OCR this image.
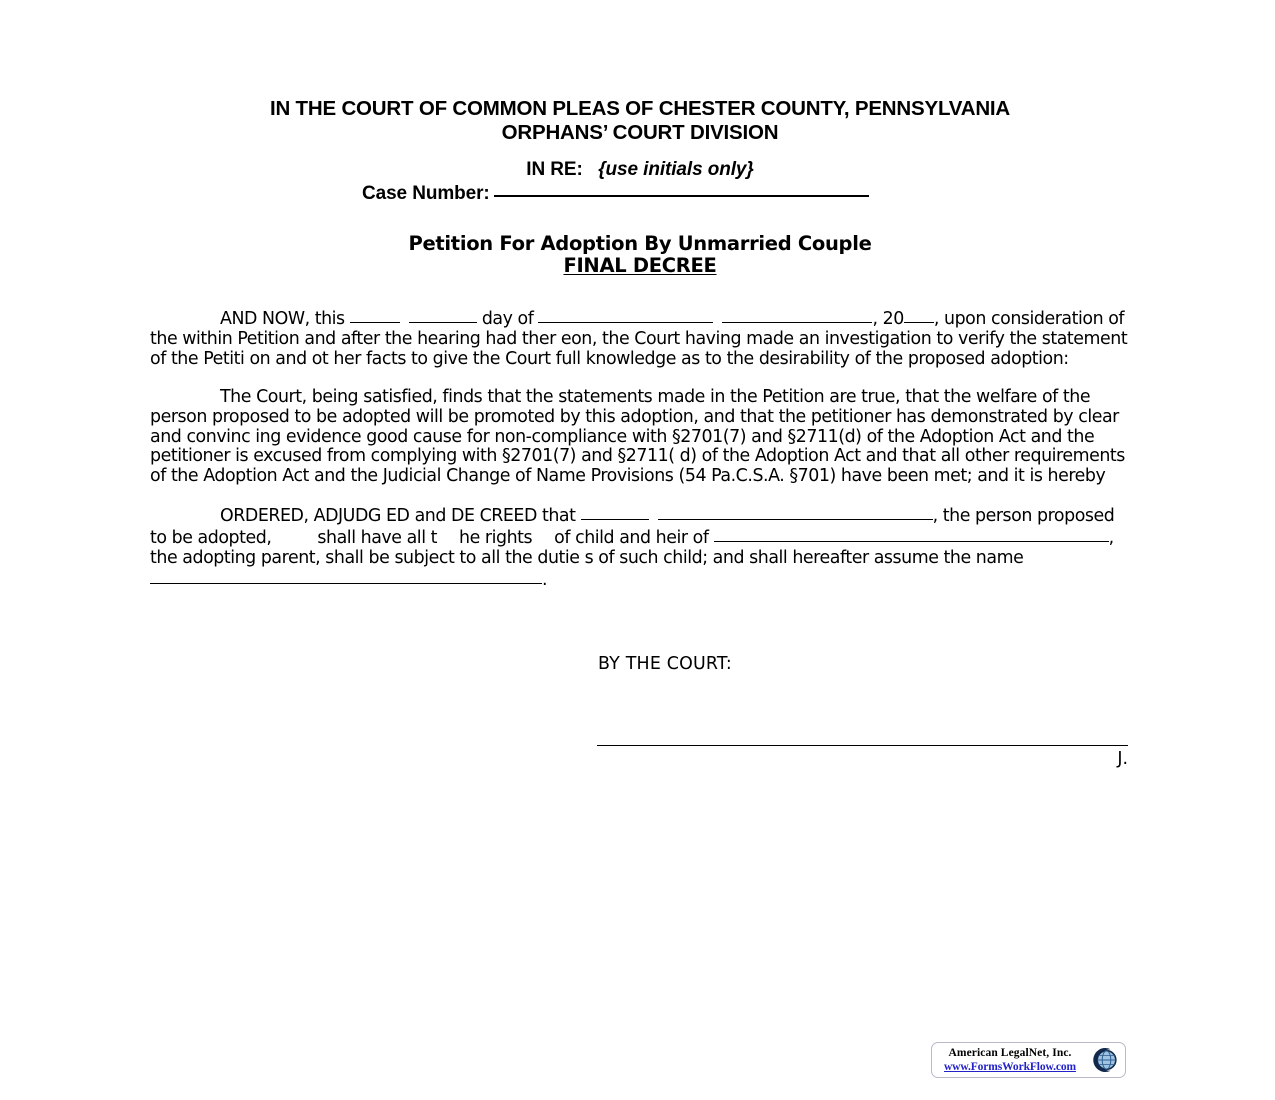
IN THE COURT OF COMMON PLEAS OF CHESTER COUNTY, PENNSYLVANIA
ORPHANS’ COURT DIVISION
IN RE: {use initials only}
Case Number:
Petition For Adoption By Unmarried Couple
FINAL DECREE

AND NOW, this	day of	, 20 , upon consideration of the within Petition and after the hearing had ther eon, the Court having made an investigation to verify the statement of the Petiti on and ot her facts to give the Court full knowledge as to the desirability of the proposed adoption:

The Court, being satisfied, finds that the statements made in the Petition are true, that the welfare of the person proposed to be adopted will be promoted by this adoption, and that the petitioner has demonstrated by clear and convinc ing evidence good cause for non-compliance with §2701(7) and §2711(d) of the Adoption Act and the petitioner is excused from complying with §2701(7) and §2711( d) of the Adoption Act and that all other requirements of the Adoption Act and the Judicial Change of Name Provisions (54 Pa.C.S.A. §701) have been met; and it is hereby

ORDERED, ADJUDG ED and DE CREED that	, the person proposed to be adopted,	shall have all t he rights of child and heir of	, the adopting parent, shall be subject to all the dutie s of such child; and shall hereafter assume the name .

BY THE COURT:
J.
American LegalNet, Inc.
www.FormsWorkFlow.com
